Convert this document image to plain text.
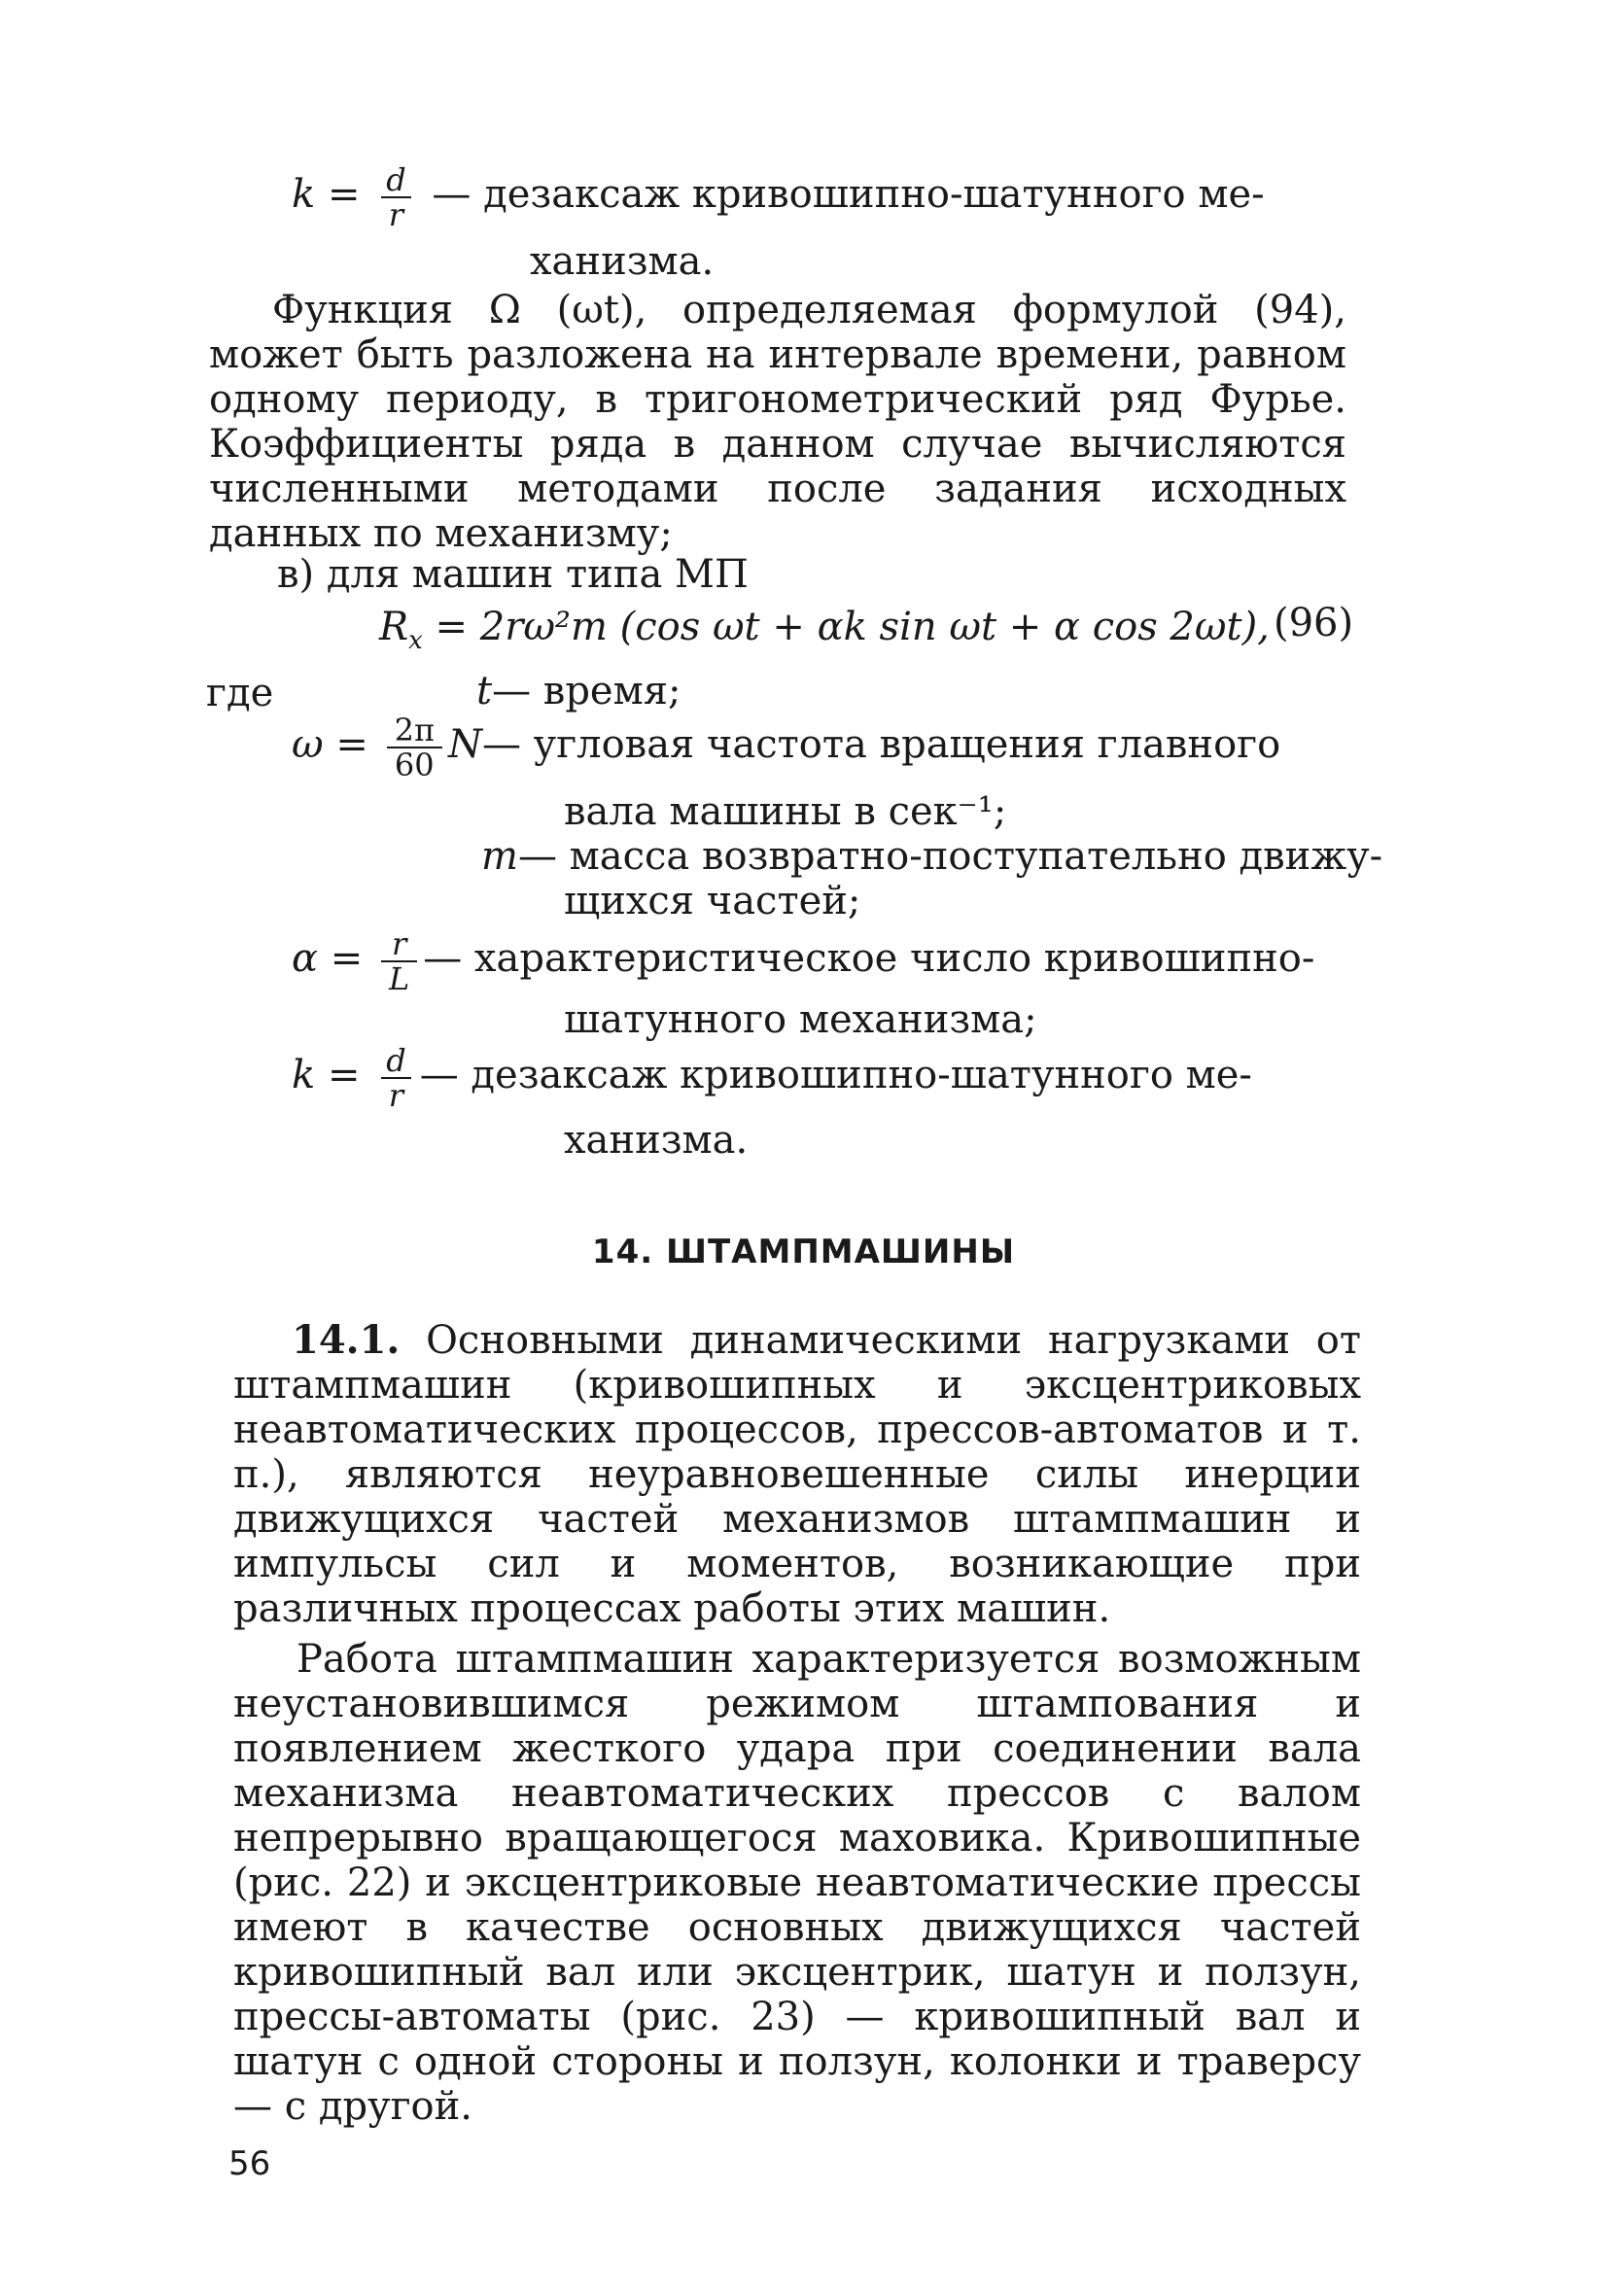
$k = \frac{d}{r}$ — дезаксаж кривошипно-шатунного ме-
ханизма.
Функция Ω (ωt), определяемая формулой (94), может быть разложена на интервале времени, равном одному периоду, в тригонометрический ряд Фурье. Коэффициенты ряда в данном случае вычисляются численными методами после задания исходных данных по механизму;
в) для машин типа МП
$R_x = 2r\omega^2m$ (cos ωt + αk sin ωt + α cos 2ωt), (96)
где	t— время;
$\omega = \frac{2\pi}{60}$ N— угловая частота вращения главного
вала машины в сек⁻¹;
m— масса возвратно-поступательно движу-
щихся частей;
$\alpha = \frac{r}{L}$ — характеристическое число кривошипно-
шатунного механизма;
$k = \frac{d}{r}$ — дезаксаж кривошипно-шатунного ме-
ханизма.
14. ШТАМПМАШИНЫ
14.1. Основными динамическими нагрузками от штампмашин (кривошипных и эксцентриковых неавтоматических процессов, прессов-автоматов и т. п.), являются неуравновешенные силы инерции движущихся частей механизмов штампмашин и импульсы сил и моментов, возникающие при различных процессах работы этих машин.
Работа штампмашин характеризуется возможным неустановившимся режимом штампования и появлением жесткого удара при соединении вала механизма неавтоматических прессов с валом непрерывно вращающегося маховика. Кривошипные (рис. 22) и эксцентриковые неавтоматические прессы имеют в качестве основных движущихся частей кривошипный вал или эксцентрик, шатун и ползун, прессы-автоматы (рис. 23) — кривошипный вал и шатун с одной стороны и ползун, колонки и траверсу — с другой.
56
